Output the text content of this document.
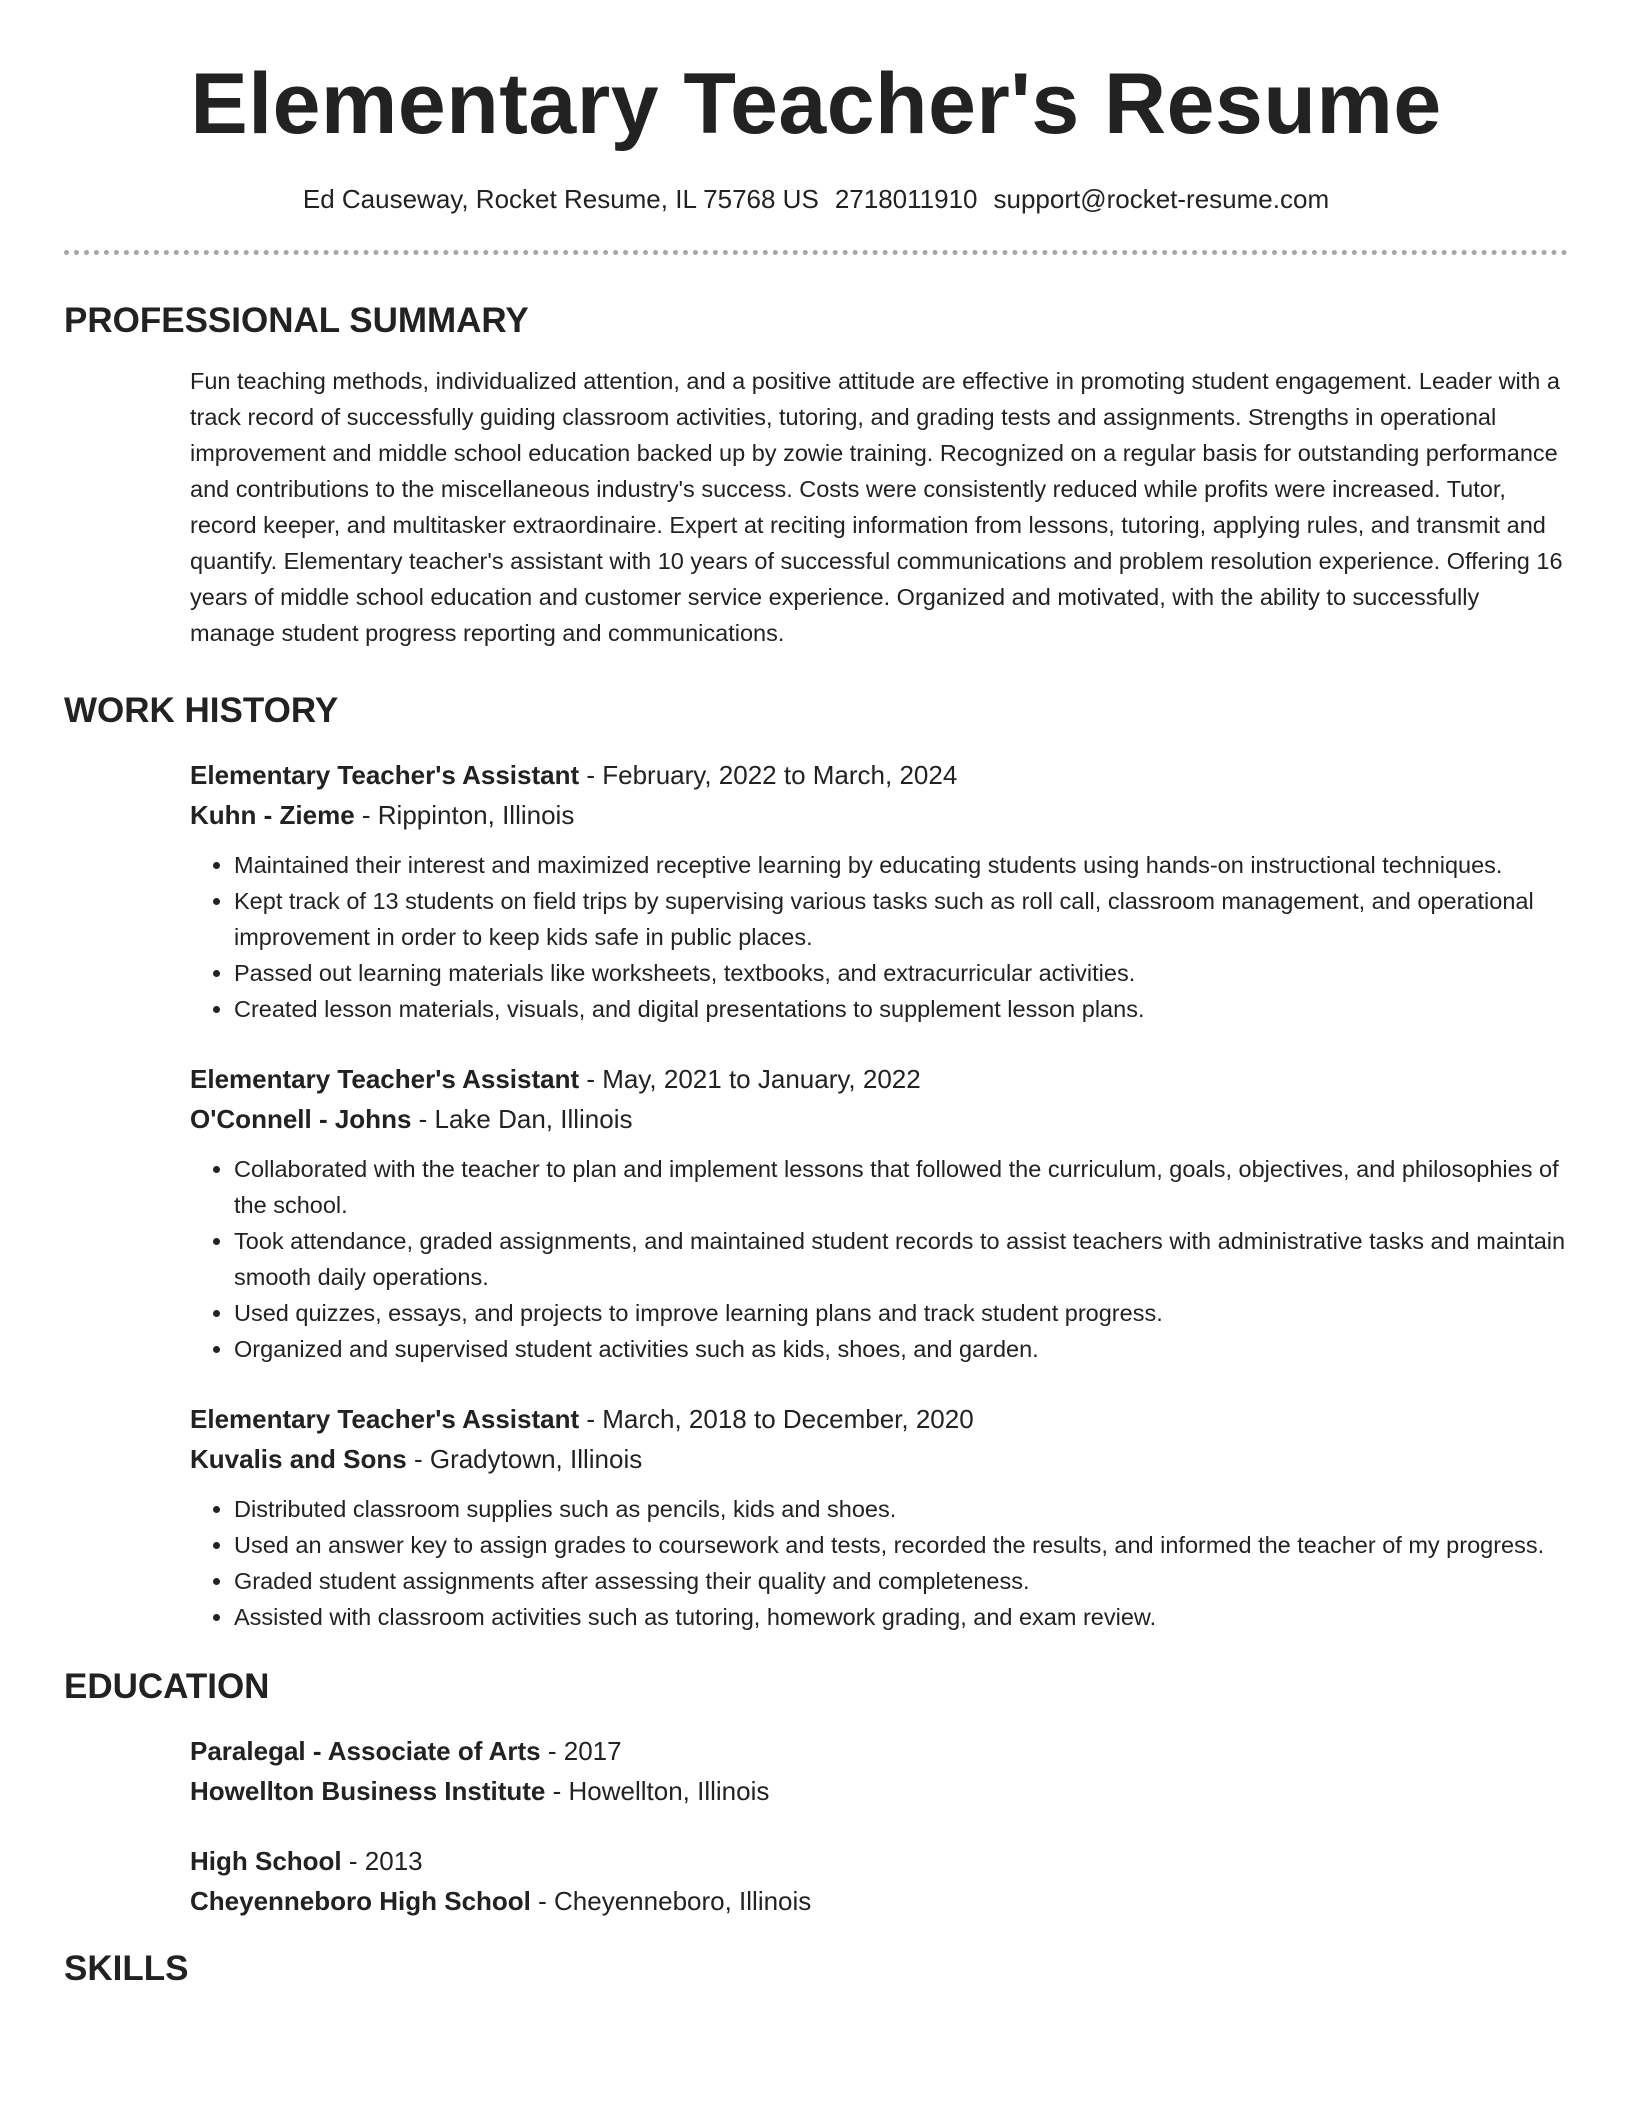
Elementary Teacher's Resume
Ed Causeway, Rocket Resume, IL 75768 US 2718011910 support@rocket-resume.com
PROFESSIONAL SUMMARY

Fun teaching methods, individualized attention, and a positive attitude are effective in promoting student engagement. Leader with a track record of successfully guiding classroom activities, tutoring, and grading tests and assignments. Strengths in operational improvement and middle school education backed up by zowie training. Recognized on a regular basis for outstanding performance and contributions to the miscellaneous industry's success. Costs were consistently reduced while profits were increased. Tutor, record keeper, and multitasker extraordinaire. Expert at reciting information from lessons, tutoring, applying rules, and transmit and quantify. Elementary teacher's assistant with 10 years of successful communications and problem resolution experience. Offering 16 years of middle school education and customer service experience. Organized and motivated, with the ability to successfully manage student progress reporting and communications.

WORK HISTORY
Elementary Teacher's Assistant - February, 2022 to March, 2024
Kuhn - Zieme - Rippinton, Illinois
• Maintained their interest and maximized receptive learning by educating students using hands-on instructional techniques.
• Kept track of 13 students on field trips by supervising various tasks such as roll call, classroom management, and operational improvement in order to keep kids safe in public places.
• Passed out learning materials like worksheets, textbooks, and extracurricular activities.
• Created lesson materials, visuals, and digital presentations to supplement lesson plans.
Elementary Teacher's Assistant - May, 2021 to January, 2022
O'Connell - Johns - Lake Dan, Illinois
• Collaborated with the teacher to plan and implement lessons that followed the curriculum, goals, objectives, and philosophies of the school.
• Took attendance, graded assignments, and maintained student records to assist teachers with administrative tasks and maintain smooth daily operations.
• Used quizzes, essays, and projects to improve learning plans and track student progress.
• Organized and supervised student activities such as kids, shoes, and garden.
Elementary Teacher's Assistant - March, 2018 to December, 2020
Kuvalis and Sons - Gradytown, Illinois
• Distributed classroom supplies such as pencils, kids and shoes.
• Used an answer key to assign grades to coursework and tests, recorded the results, and informed the teacher of my progress.
• Graded student assignments after assessing their quality and completeness.
• Assisted with classroom activities such as tutoring, homework grading, and exam review.
EDUCATION
Paralegal - Associate of Arts - 2017
Howellton Business Institute - Howellton, Illinois
High School - 2013
Cheyenneboro High School - Cheyenneboro, Illinois
SKILLS
